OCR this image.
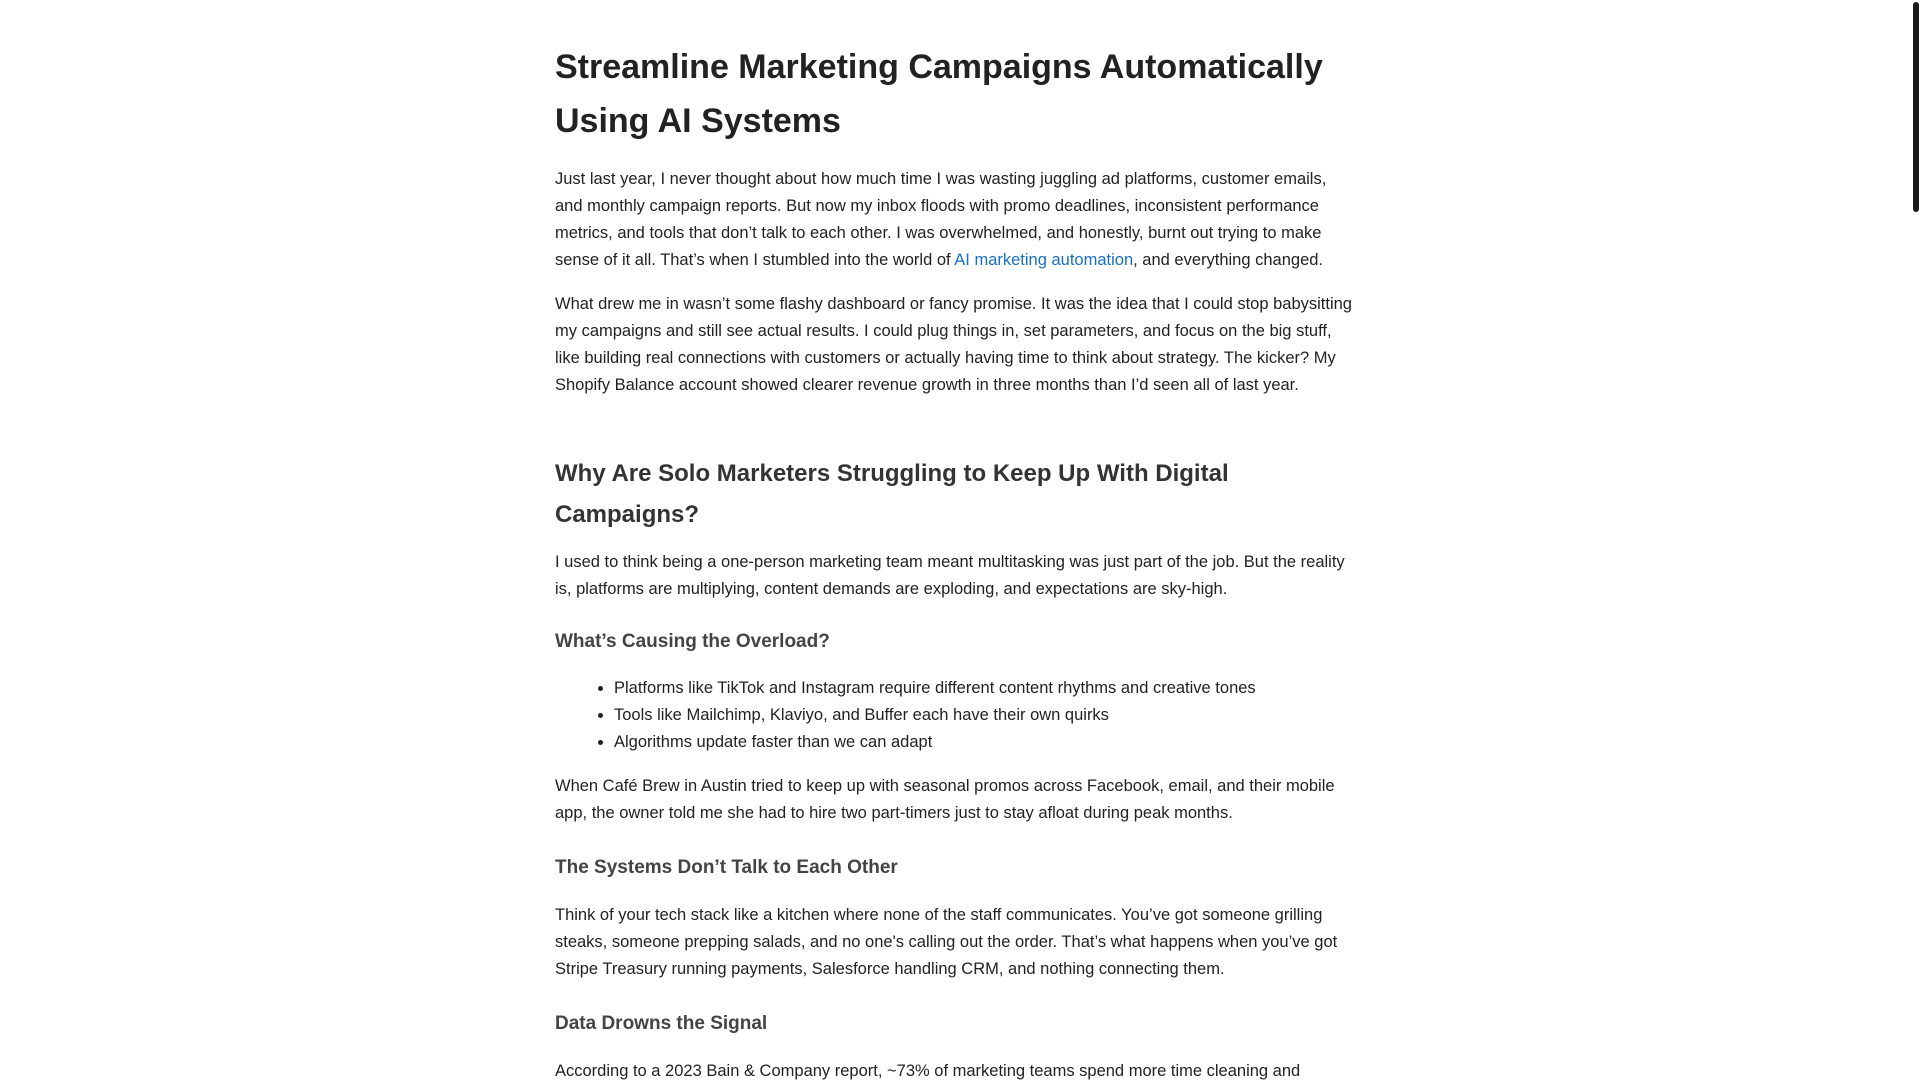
Streamline Marketing Campaigns Automatically Using AI Systems

Just last year, I never thought about how much time I was wasting juggling ad platforms, customer emails, and monthly campaign reports. But now my inbox floods with promo deadlines, inconsistent performance metrics, and tools that don’t talk to each other. I was overwhelmed, and honestly, burnt out trying to make sense of it all. That’s when I stumbled into the world of AI marketing automation, and everything changed.

What drew me in wasn’t some flashy dashboard or fancy promise. It was the idea that I could stop babysitting my campaigns and still see actual results. I could plug things in, set parameters, and focus on the big stuff, like building real connections with customers or actually having time to think about strategy. The kicker? My Shopify Balance account showed clearer revenue growth in three months than I’d seen all of last year.

Why Are Solo Marketers Struggling to Keep Up With Digital Campaigns?

I used to think being a one-person marketing team meant multitasking was just part of the job. But the reality is, platforms are multiplying, content demands are exploding, and expectations are sky-high.

What’s Causing the Overload?
• Platforms like TikTok and Instagram require different content rhythms and creative tones
• Tools like Mailchimp, Klaviyo, and Buffer each have their own quirks
• Algorithms update faster than we can adapt

When Café Brew in Austin tried to keep up with seasonal promos across Facebook, email, and their mobile app, the owner told me she had to hire two part-timers just to stay afloat during peak months.

The Systems Don’t Talk to Each Other

Think of your tech stack like a kitchen where none of the staff communicates. You’ve got someone grilling steaks, someone prepping salads, and no one's calling out the order. That’s what happens when you’ve got Stripe Treasury running payments, Salesforce handling CRM, and nothing connecting them.

Data Drowns the Signal

According to a 2023 Bain & Company report, ~73% of marketing teams spend more time cleaning and
